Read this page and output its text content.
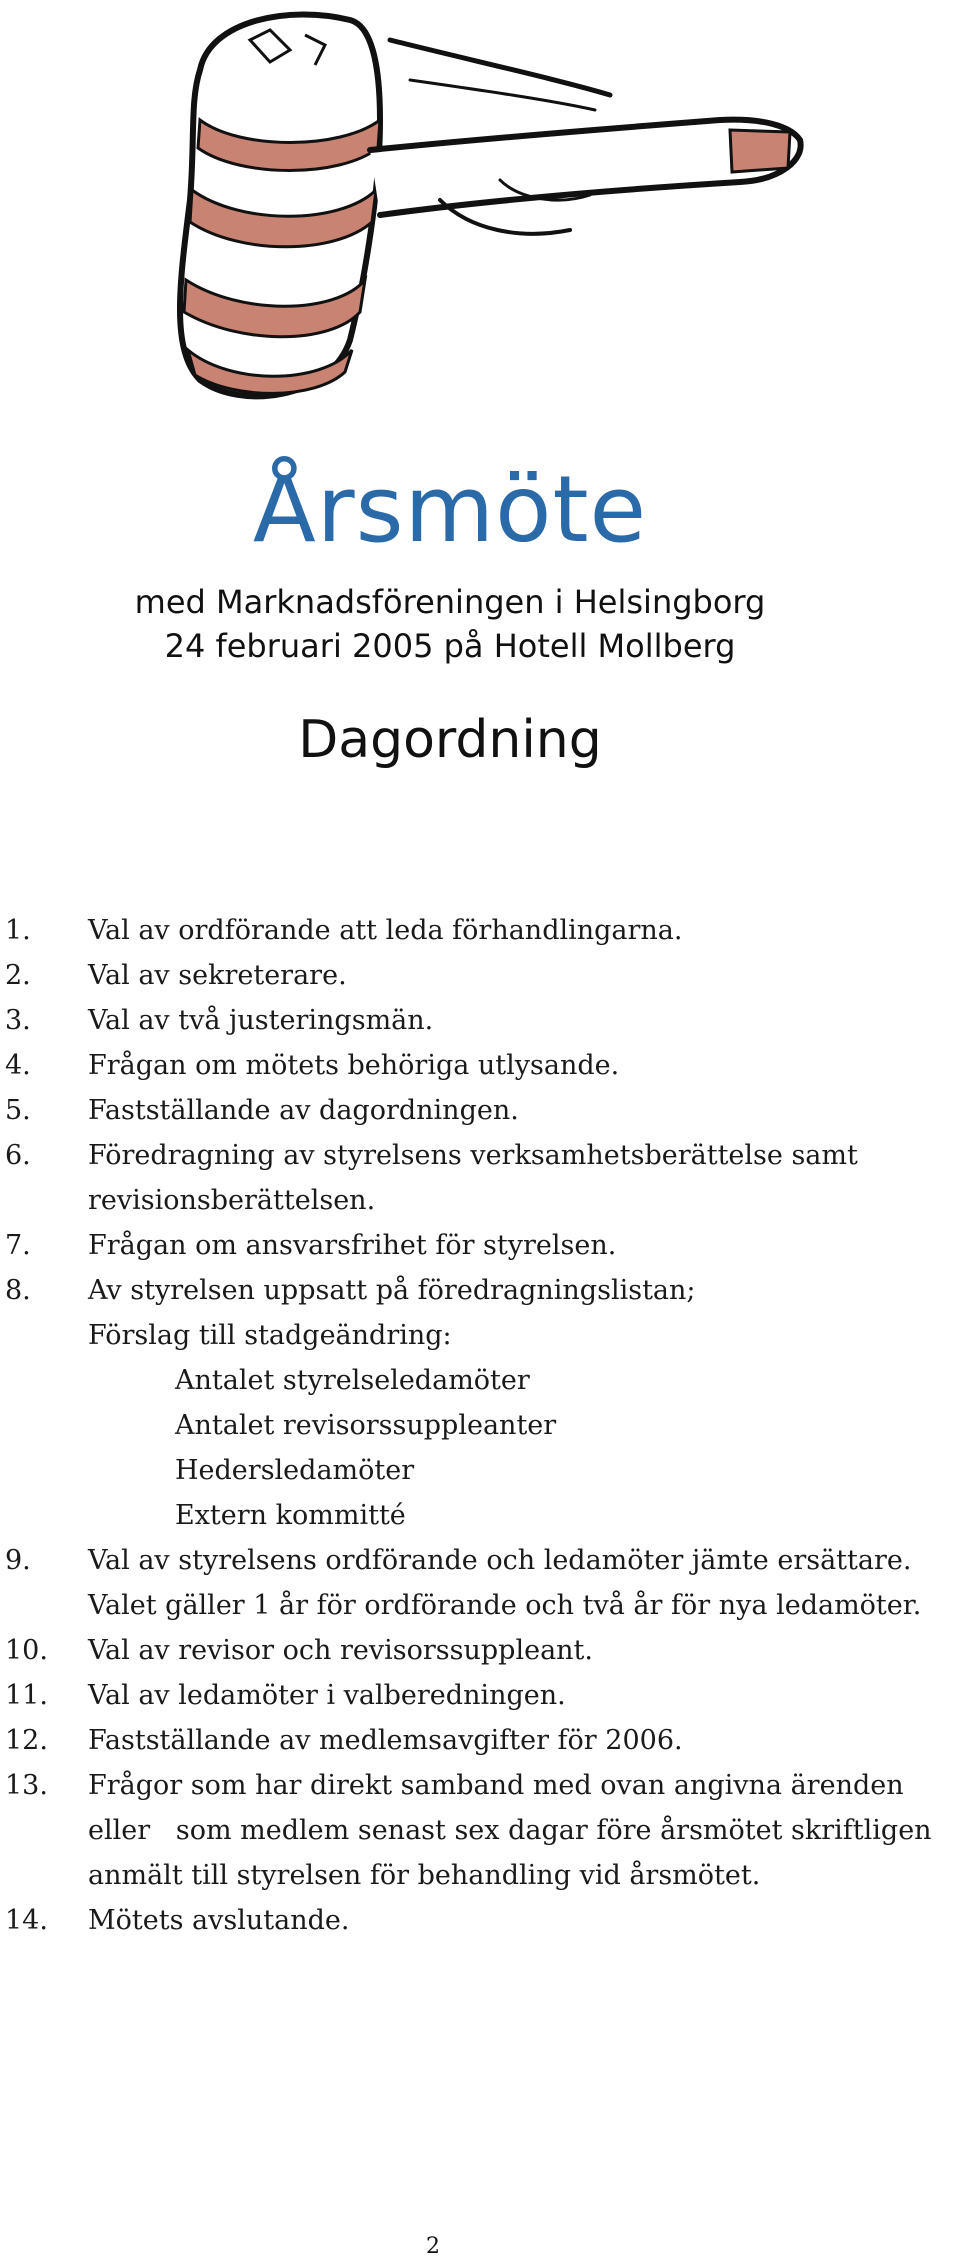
Årsmöte
med Marknadsföreningen i Helsingborg
24 februari 2005 på Hotell Mollberg
Dagordning
1. Val av ordförande att leda förhandlingarna.
2. Val av sekreterare.
3. Val av två justeringsmän.
4. Frågan om mötets behöriga utlysande.
5. Fastställande av dagordningen.
6. Föredragning av styrelsens verksamhetsberättelse samt
revisionsberättelsen.
7. Frågan om ansvarsfrihet för styrelsen.
8. Av styrelsen uppsatt på föredragningslistan;
Förslag till stadgeändring:
Antalet styrelseledamöter
Antalet revisorssuppleanter
Hedersledamöter
Extern kommitté
9. Val av styrelsens ordförande och ledamöter jämte ersättare.
Valet gäller 1 år för ordförande och två år för nya ledamöter.
10. Val av revisor och revisorssuppleant.
11. Val av ledamöter i valberedningen.
12. Fastställande av medlemsavgifter för 2006.
13. Frågor som har direkt samband med ovan angivna ärenden
eller   som medlem senast sex dagar före årsmötet skriftligen
anmält till styrelsen för behandling vid årsmötet.
14. Mötets avslutande.
2
